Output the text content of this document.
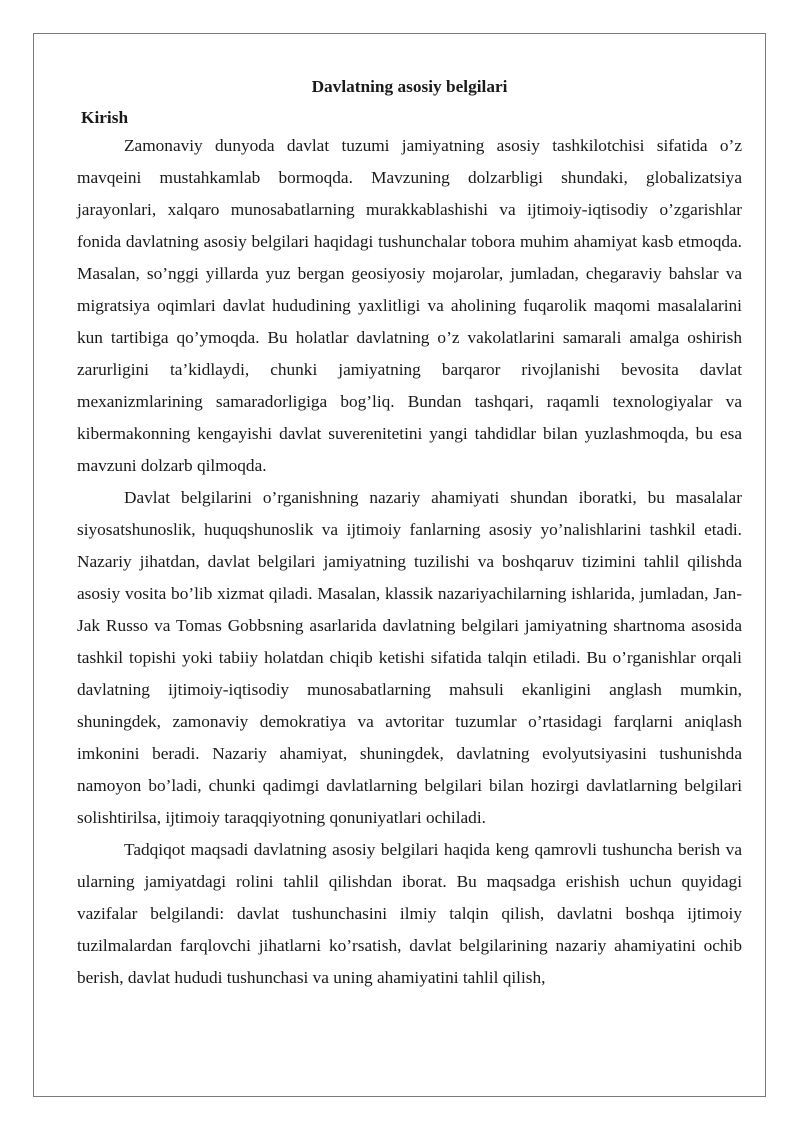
Davlatning asosiy belgilari
Kirish

Zamonaviy dunyoda davlat tuzumi jamiyatning asosiy tashkilotchisi sifatida o’z mavqeini mustahkamlab bormoqda. Mavzuning dolzarbligi shundaki, globalizatsiya jarayonlari, xalqaro munosabatlarning murakkablashishi va ijtimoiy-iqtisodiy o’zgarishlar fonida davlatning asosiy belgilari haqidagi tushunchalar tobora muhim ahamiyat kasb etmoqda. Masalan, so’nggi yillarda yuz bergan geosiyosiy mojarolar, jumladan, chegaraviy bahslar va migratsiya oqimlari davlat hududining yaxlitligi va aholining fuqarolik maqomi masalalarini kun tartibiga qo’ymoqda. Bu holatlar davlatning o’z vakolatlarini samarali amalga oshirish zarurligini ta’kidlaydi, chunki jamiyatning barqaror rivojlanishi bevosita davlat mexanizmlarining samaradorligiga bog’liq. Bundan tashqari, raqamli texnologiyalar va kibermakonning kengayishi davlat suverenitetini yangi tahdidlar bilan yuzlashmoqda, bu esa mavzuni dolzarb qilmoqda.

Davlat belgilarini o’rganishning nazariy ahamiyati shundan iboratki, bu masalalar siyosatshunoslik, huquqshunoslik va ijtimoiy fanlarning asosiy yo’nalishlarini tashkil etadi. Nazariy jihatdan, davlat belgilari jamiyatning tuzilishi va boshqaruv tizimini tahlil qilishda asosiy vosita bo’lib xizmat qiladi. Masalan, klassik nazariyachilarning ishlarida, jumladan, Jan-Jak Russo va Tomas Gobbsning asarlarida davlatning belgilari jamiyatning shartnoma asosida tashkil topishi yoki tabiiy holatdan chiqib ketishi sifatida talqin etiladi. Bu o’rganishlar orqali davlatning ijtimoiy-iqtisodiy munosabatlarning mahsuli ekanligini anglash mumkin, shuningdek, zamonaviy demokratiya va avtoritar tuzumlar o’rtasidagi farqlarni aniqlash imkonini beradi. Nazariy ahamiyat, shuningdek, davlatning evolyutsiyasini tushunishda namoyon bo’ladi, chunki qadimgi davlatlarning belgilari bilan hozirgi davlatlarning belgilari solishtirilsa, ijtimoiy taraqqiyotning qonuniyatlari ochiladi.

Tadqiqot maqsadi davlatning asosiy belgilari haqida keng qamrovli tushuncha berish va ularning jamiyatdagi rolini tahlil qilishdan iborat. Bu maqsadga erishish uchun quyidagi vazifalar belgilandi: davlat tushunchasini ilmiy talqin qilish, davlatni boshqa ijtimoiy tuzilmalardan farqlovchi jihatlarni ko’rsatish, davlat belgilarining nazariy ahamiyatini ochib berish, davlat hududi tushunchasi va uning ahamiyatini tahlil qilish,
